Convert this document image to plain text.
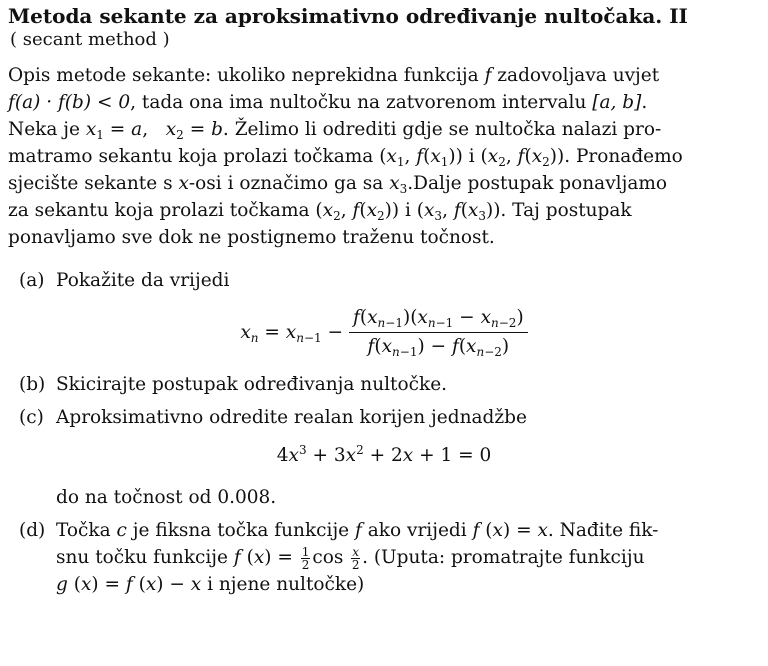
Metoda sekante za aproksimativno određivanje nultočaka. II
( secant method )

Opis metode sekante: ukoliko neprekidna funkcija f zadovoljava uvjet

f(a) · f(b) < 0, tada ona ima nultočku na zatvorenom intervalu [a, b].

Neka je $x_1 = a$,   $x_2 = b$. Želimo li odrediti gdje se nultočka nalazi pro-

matramo sekantu koja prolazi točkama ($x_1$, $f(x_1)$) i ($x_2$, $f(x_2)$). Pronađemo

sjecište sekante s x-osi i označimo ga sa $x_3.Dalje$ postupak ponavljamo

za sekantu koja prolazi točkama ($x_2$, $f(x_2)$) i ($x_3$, $f(x_3)$). Taj postupak

ponavljamo sve dok ne postignemo traženu točnost.

(a) Pokažite da vrijedi
$x_n = x_{n-1} - \frac{f(x_{n-1})(x_{n-1} - x_{n-2})}{f(x_{n-1}) - f(x_{n-2})}$
(b) Skicirajte postupak određivanja nultočke.
(c) Aproksimativno odredite realan korijen jednadžbe
$4x^3 + 3x^2 + 2x + 1 = 0$
do na točnost od 0.008.
(d) Točka c je fiksna točka funkcije f ako vrijedi f (x) = x. Nađite fik-
snu točku funkcije f $(x) = \frac{1}{2}$ $\cos \frac{x}{2}$ . (Uputa: promatrajte funkciju
g (x) = f (x) − x i njene nultočke)
